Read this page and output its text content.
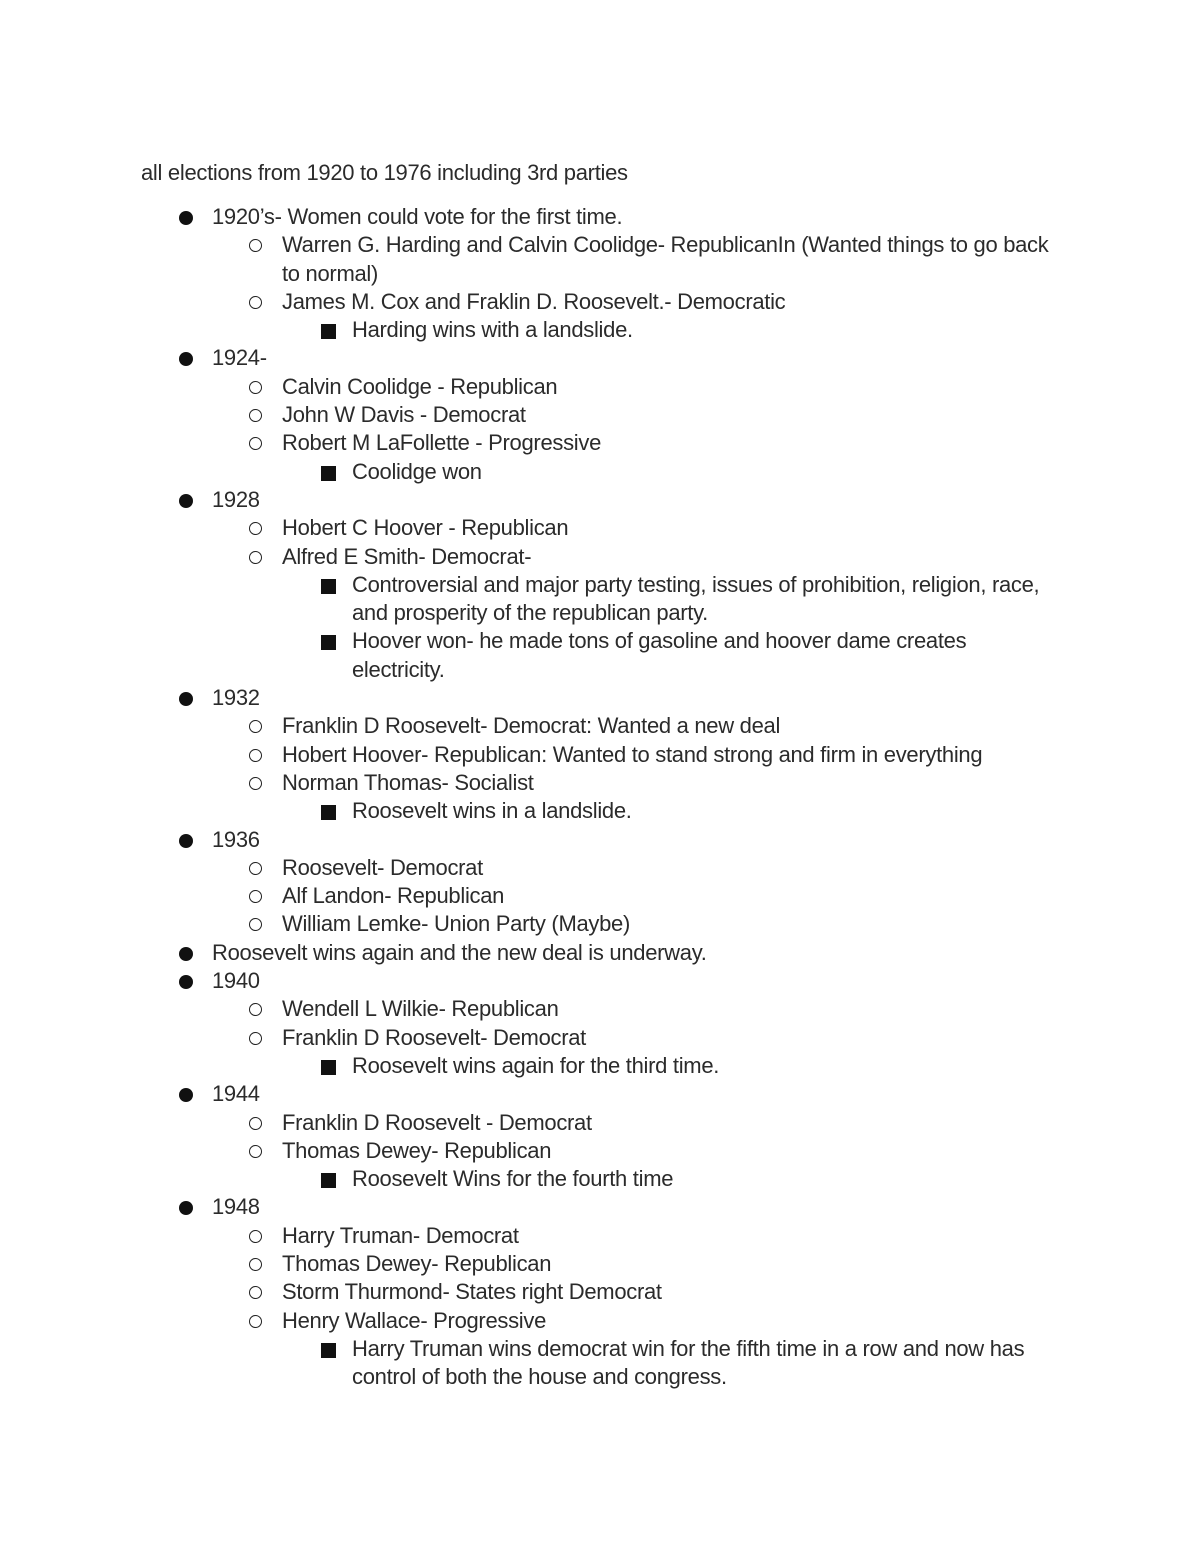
all elections from 1920 to 1976 including 3rd parties
1920’s- Women could vote for the first time.
Warren G. Harding and Calvin Coolidge- RepublicanIn (Wanted things to go back to normal)
James M. Cox and Fraklin D. Roosevelt.- Democratic
Harding wins with a landslide.
1924-
Calvin Coolidge - Republican
John W Davis - Democrat
Robert M LaFollette - Progressive
Coolidge won
1928
Hobert C Hoover - Republican
Alfred E Smith- Democrat-
Controversial and major party testing, issues of prohibition, religion, race, and prosperity of the republican party.
Hoover won- he made tons of gasoline and hoover dame creates electricity.
1932
Franklin D Roosevelt- Democrat: Wanted a new deal
Hobert Hoover- Republican: Wanted to stand strong and firm in everything
Norman Thomas- Socialist
Roosevelt wins in a landslide.
1936
Roosevelt- Democrat
Alf Landon- Republican
William Lemke- Union Party (Maybe)
Roosevelt wins again and the new deal is underway.
1940
Wendell L Wilkie- Republican
Franklin D Roosevelt- Democrat
Roosevelt wins again for the third time.
1944
Franklin D Roosevelt - Democrat
Thomas Dewey- Republican
Roosevelt Wins for the fourth time
1948
Harry Truman- Democrat
Thomas Dewey- Republican
Storm Thurmond- States right Democrat
Henry Wallace- Progressive
Harry Truman wins democrat win for the fifth time in a row and now has control of both the house and congress.
